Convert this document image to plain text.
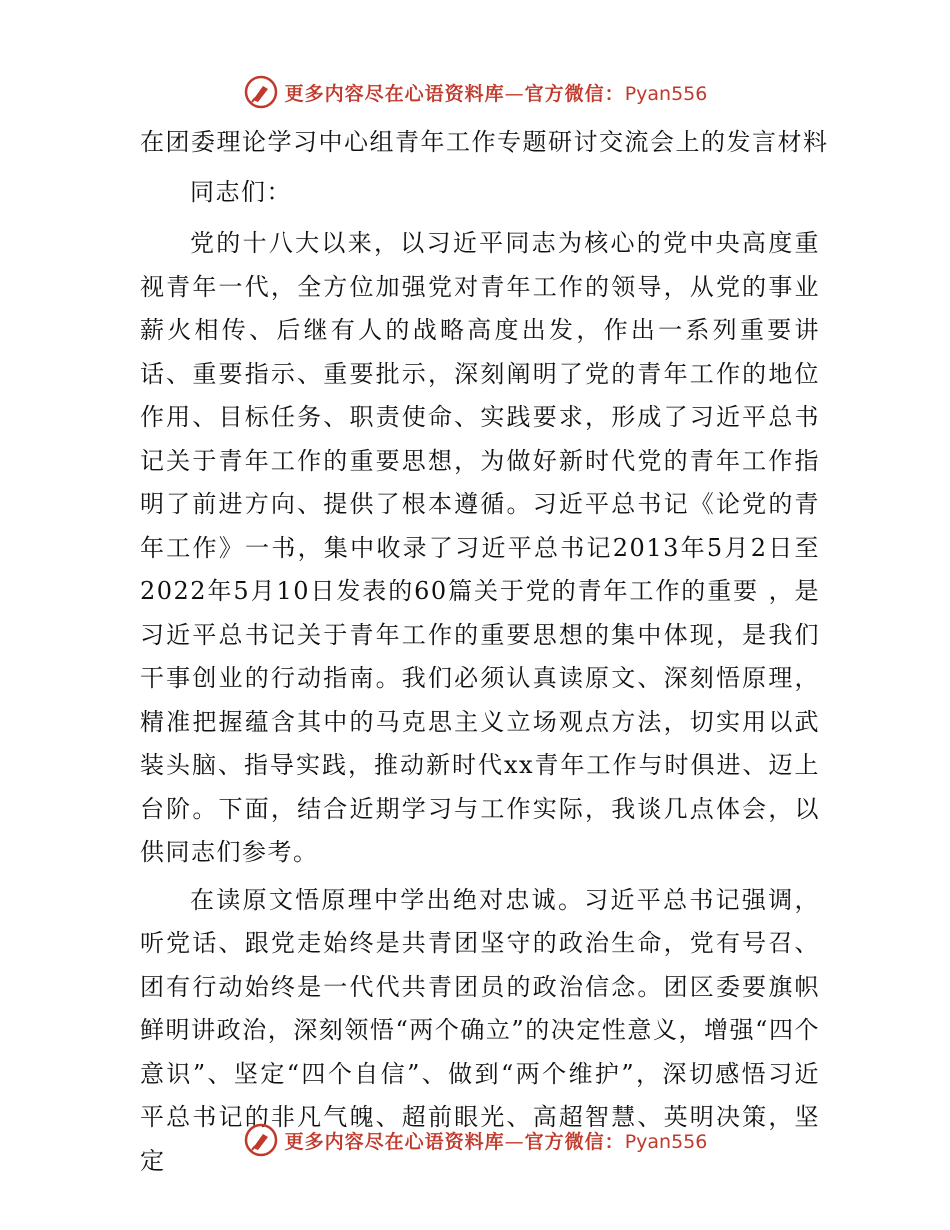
更多内容尽在心语资料库—官方微信：Pyan556
在团委理论学习中心组青年工作专题研讨交流会上的发言材料

同志们：

党的十八大以来，以习近平同志为核心的党中央高度重视青年一代，全方位加强党对青年工作的领导，从党的事业薪火相传、后继有人的战略高度出发，作出一系列重要讲话、重要指示、重要批示，深刻阐明了党的青年工作的地位作用、目标任务、职责使命、实践要求，形成了习近平总书记关于青年工作的重要思想，为做好新时代党的青年工作指明了前进方向、提供了根本遵循。习近平总书记《论党的青年工作》一书，集中收录了习近平总书记2013年5月2日至2022年5月10日发表的60篇关于党的青年工作的重要 ，是习近平总书记关于青年工作的重要思想的集中体现，是我们干事创业的行动指南。我们必须认真读原文、深刻悟原理，精准把握蕴含其中的马克思主义立场观点方法，切实用以武装头脑、指导实践，推动新时代xx青年工作与时俱进、迈上台阶。下面，结合近期学习与工作实际，我谈几点体会，以供同志们参考。

在读原文悟原理中学出绝对忠诚。习近平总书记强调，听党话、跟党走始终是共青团坚守的政治生命，党有号召、团有行动始终是一代代共青团员的政治信念。团区委要旗帜鲜明讲政治，深刻领悟“两个确立”的决定性意义，增强“四个意识”、坚定“四个自信”、做到“两个维护”，深切感悟习近平总书记的非凡气魄、超前眼光、高超智慧、英明决策，坚定

更多内容尽在心语资料库—官方微信：Pyan556
